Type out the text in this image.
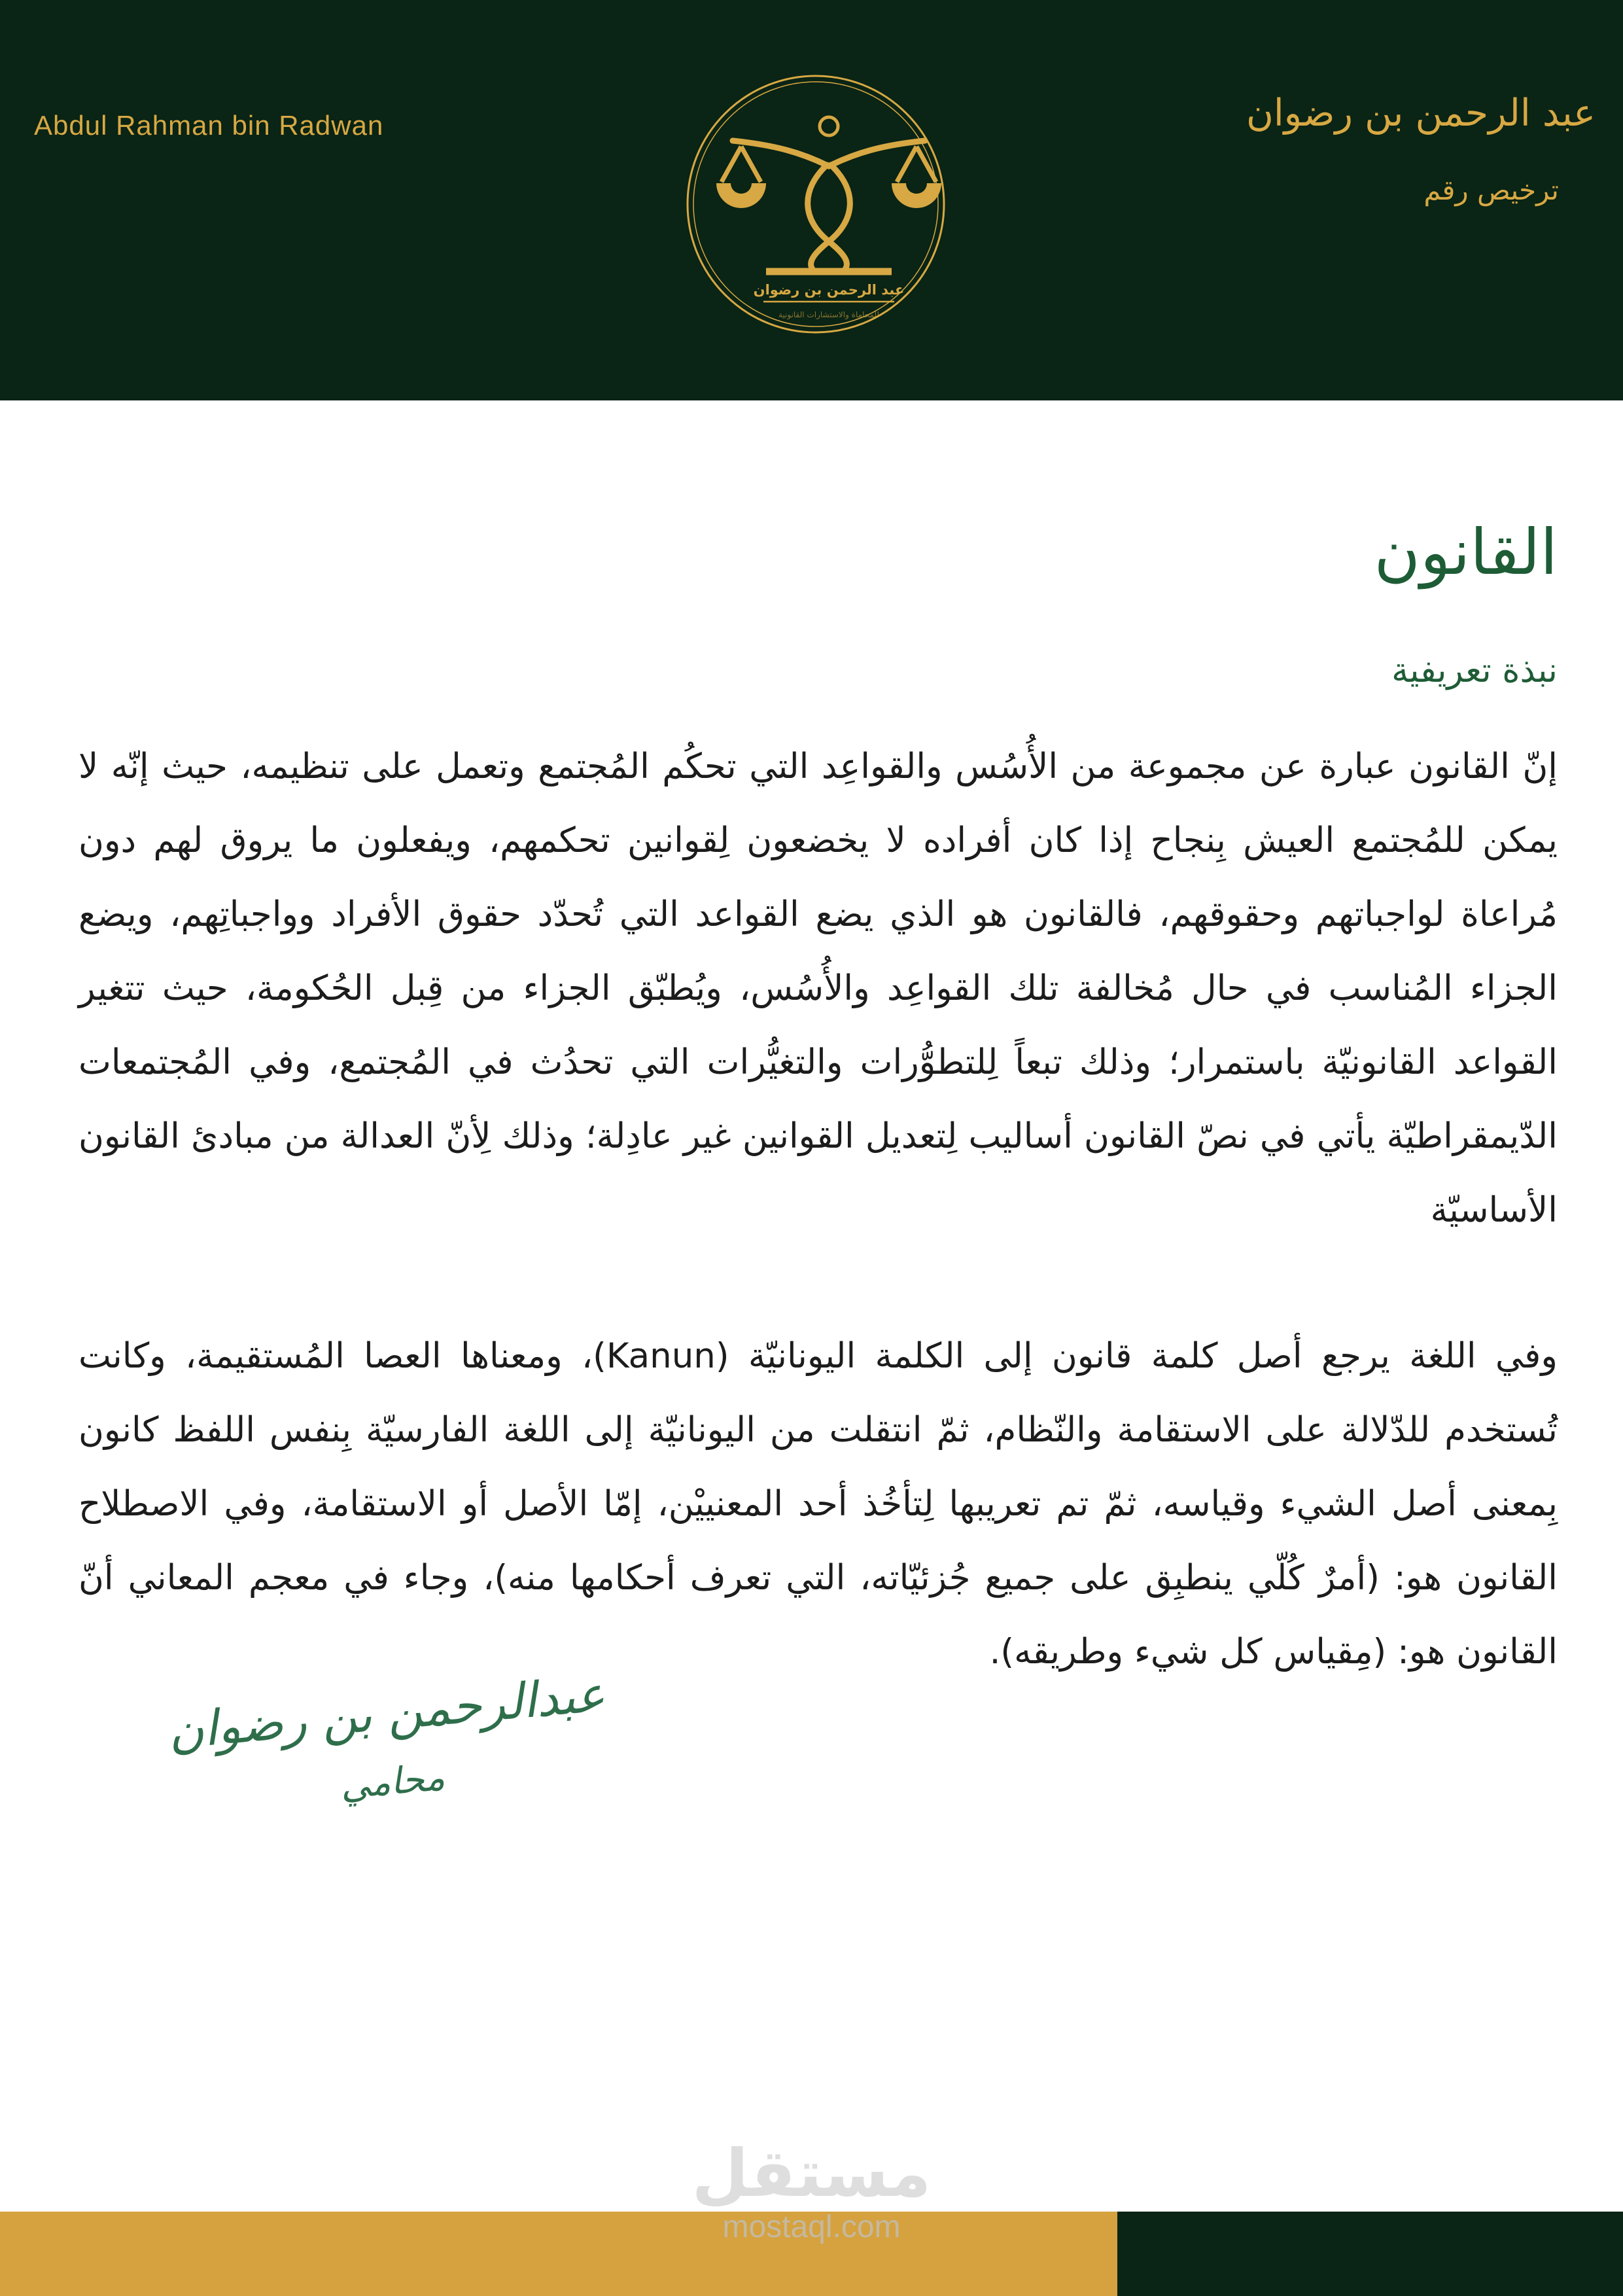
Abdul Rahman bin Radwan
عبد الرحمن بن رضوان
للمحاماة والاستشارات القانونية
عبد الرحمن بن رضوان
ترخيص رقم
القانون
نبذة تعريفية

إنّ القانون عبارة عن مجموعة من الأُسُس والقواعِد التي تحكُم المُجتمع وتعمل على تنظيمه، حيث إنّه لا يمكن للمُجتمع العيش بِنجاح إذا كان أفراده لا يخضعون لِقوانين تحكمهم، ويفعلون ما يروق لهم دون مُراعاة لواجباتهم وحقوقهم، فالقانون هو الذي يضع القواعد التي تُحدّد حقوق الأفراد وواجباتِهم، ويضع الجزاء المُناسب في حال مُخالفة تلك القواعِد والأُسُس، ويُطبّق الجزاء من قِبل الحُكومة، حيث تتغير القواعد القانونيّة باستمرار؛ وذلك تبعاً لِلتطوُّرات والتغيُّرات التي تحدُث في المُجتمع، وفي المُجتمعات الدّيمقراطيّة يأتي في نصّ القانون أساليب لِتعديل القوانين غير عادِلة؛ وذلك لِأنّ العدالة من مبادئ القانون الأساسيّة

وفي اللغة يرجع أصل كلمة قانون إلى الكلمة اليونانيّة (Kanun)، ومعناها العصا المُستقيمة، وكانت تُستخدم للدّلالة على الاستقامة والنّظام، ثمّ انتقلت من اليونانيّة إلى اللغة الفارسيّة بِنفس اللفظ كانون بِمعنى أصل الشيء وقياسه، ثمّ تم تعريبها لِتأخُذ أحد المعنييْن، إمّا الأصل أو الاستقامة، وفي الاصطلاح القانون هو: (أمرٌ كُلّي ينطبِق على جميع جُزئيّاته، التي تعرف أحكامها منه)، وجاء في معجم المعاني أنّ القانون هو: (مِقياس كل شيء وطريقه).

عبدالرحمن بن رضوان
محامي
مستقل
mostaql.com
